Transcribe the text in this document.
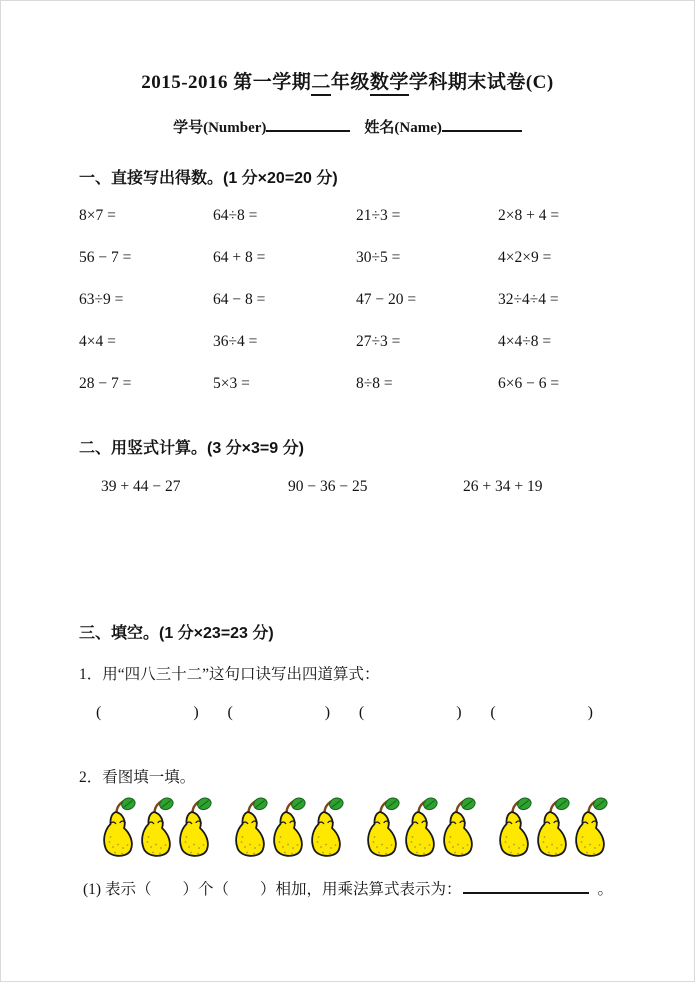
2015-2016 第一学期二年级数学学科期末试卷(C)
学号(Number)	姓名(Name)
一、直接写出得数。(1 分×20=20 分)
8×7 =	64÷8 =	21÷3 =	2×8 + 4 =
56 − 7 =	64 + 8 =	30÷5 =	4×2×9 =
63÷9 =	64 − 8 =	47 − 20 =	32÷4÷4 =
4×4 =	36÷4 =	27÷3 =	4×4÷8 =
28 − 7 =	5×3 =	8÷8 =	6×6 − 6 =
二、用竖式计算。(3 分×3=9 分)
39 + 44 − 27	90 − 36 − 25	26 + 34 + 19
三、填空。(1 分×23=23 分)
1．用“四八三十二”这句口诀写出四道算式：
(	) (	) (	) (	)
2．看图填一填。
(1) 表示（　　）个（　　）相加，用乘法算式表示为：	。
